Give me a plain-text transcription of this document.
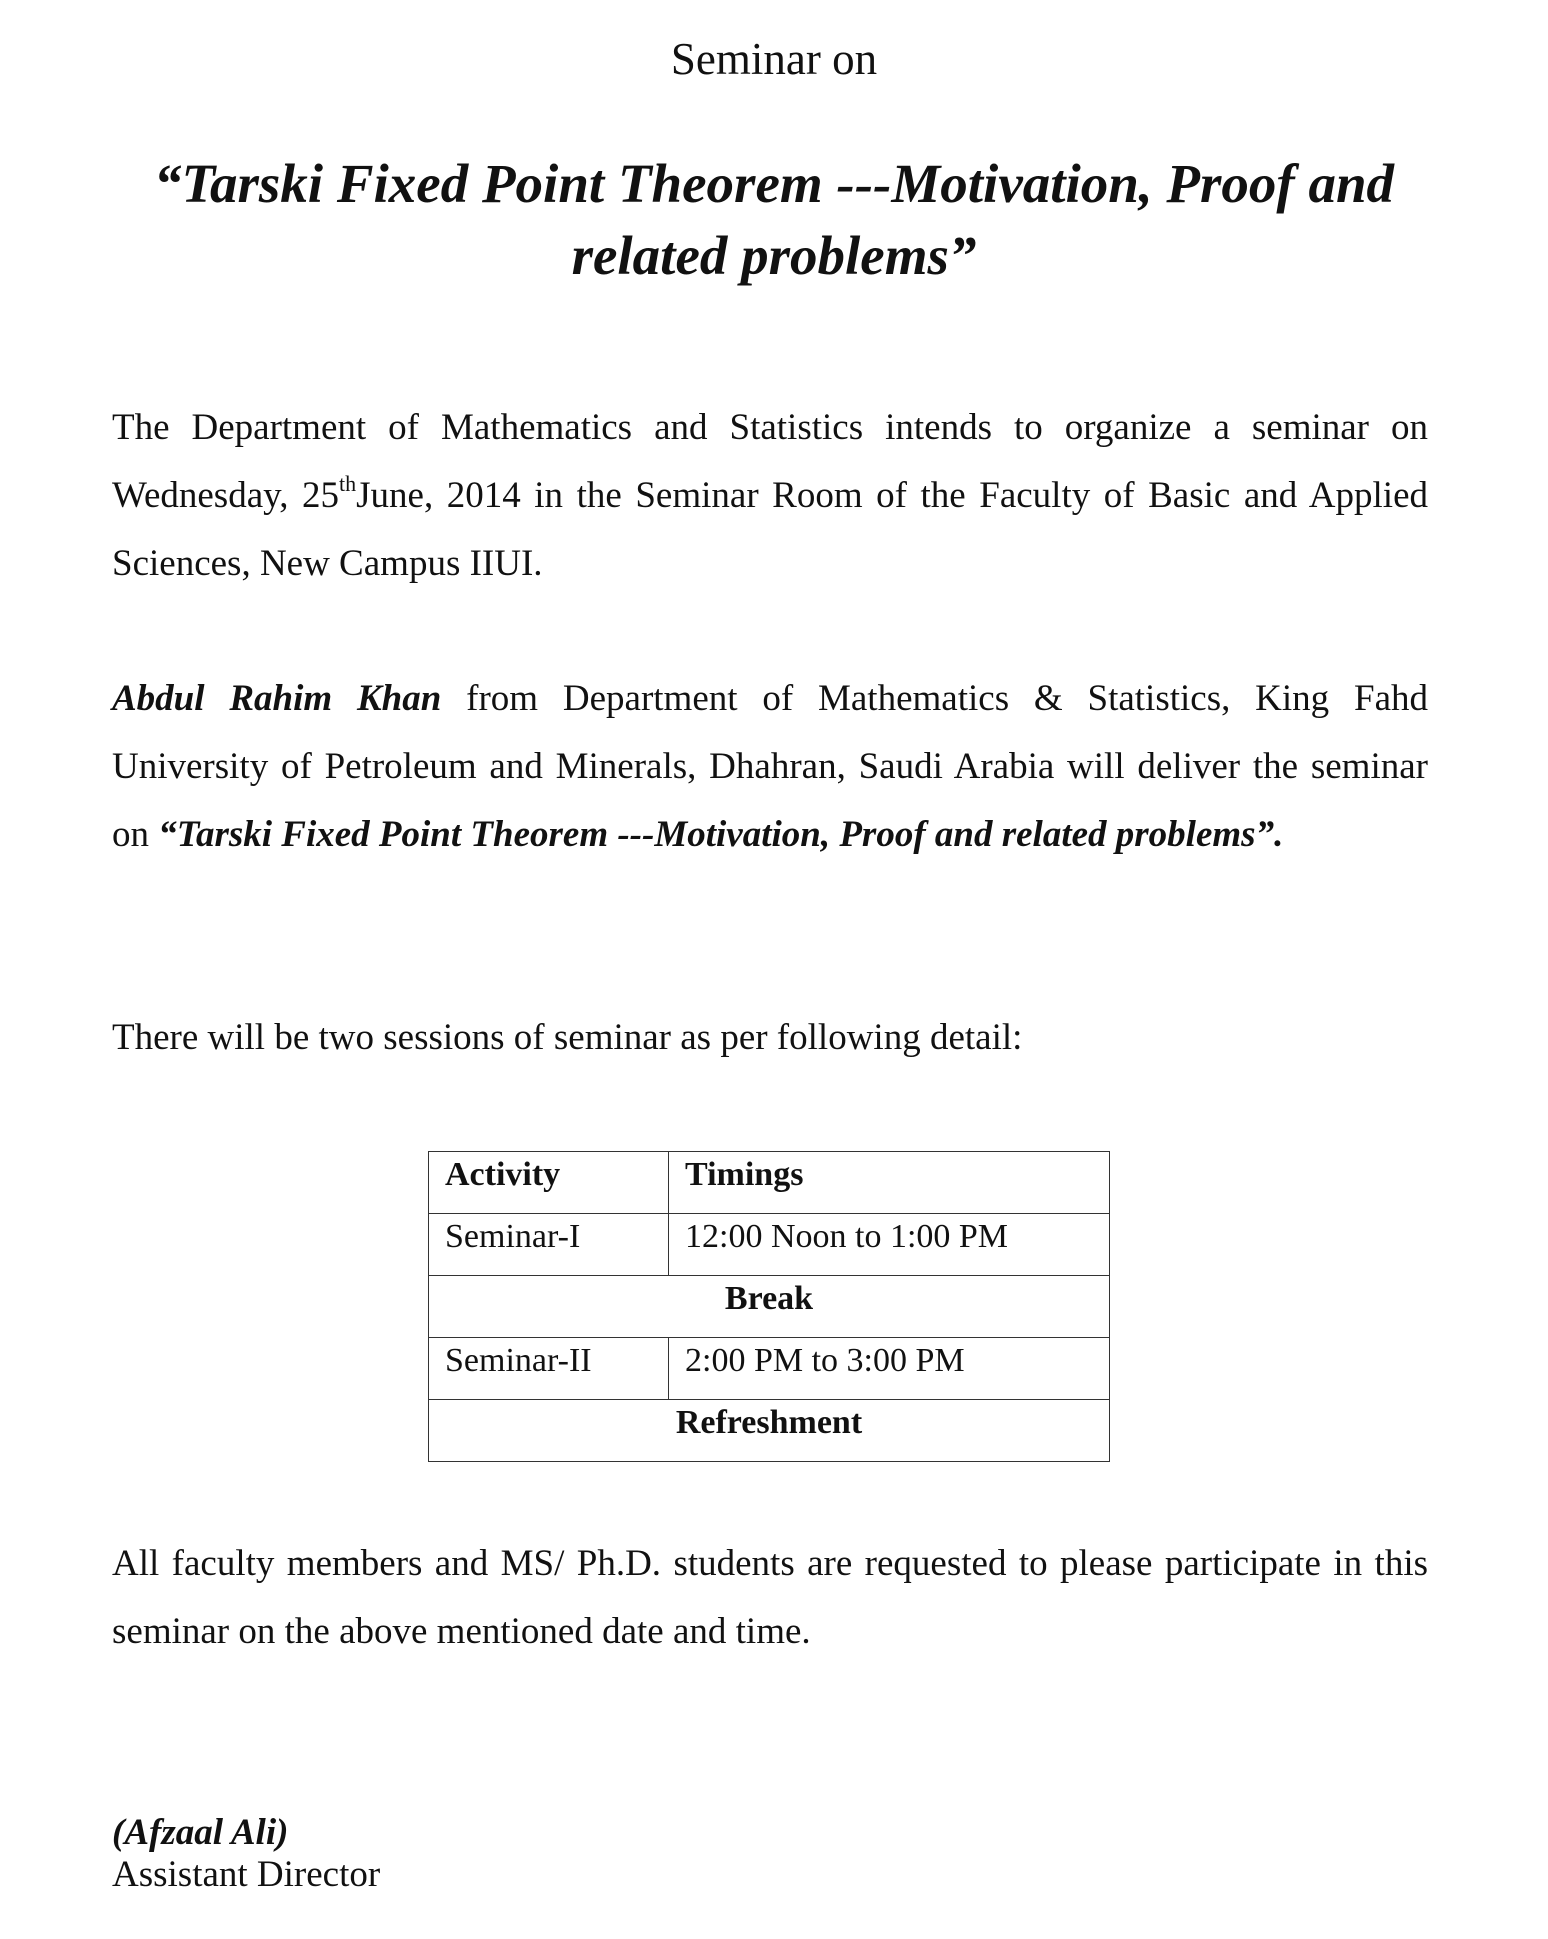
Seminar on
“Tarski Fixed Point Theorem ---Motivation, Proof and related problems”

The Department of Mathematics and Statistics intends to organize a seminar on Wednesday, 25thJune, 2014 in the Seminar Room of the Faculty of Basic and Applied Sciences, New Campus IIUI.

Abdul Rahim Khan from Department of Mathematics & Statistics, King Fahd University of Petroleum and Minerals, Dhahran, Saudi Arabia will deliver the seminar on “Tarski Fixed Point Theorem ---Motivation, Proof and related problems”.

There will be two sessions of seminar as per following detail:

Activity	Timings
Seminar-I	12:00 Noon to 1:00 PM
Break	
Seminar-II	2:00 PM to 3:00 PM
Refreshment	

All faculty members and MS/ Ph.D. students are requested to please participate in this seminar on the above mentioned date and time.

(Afzaal Ali)
Assistant Director
